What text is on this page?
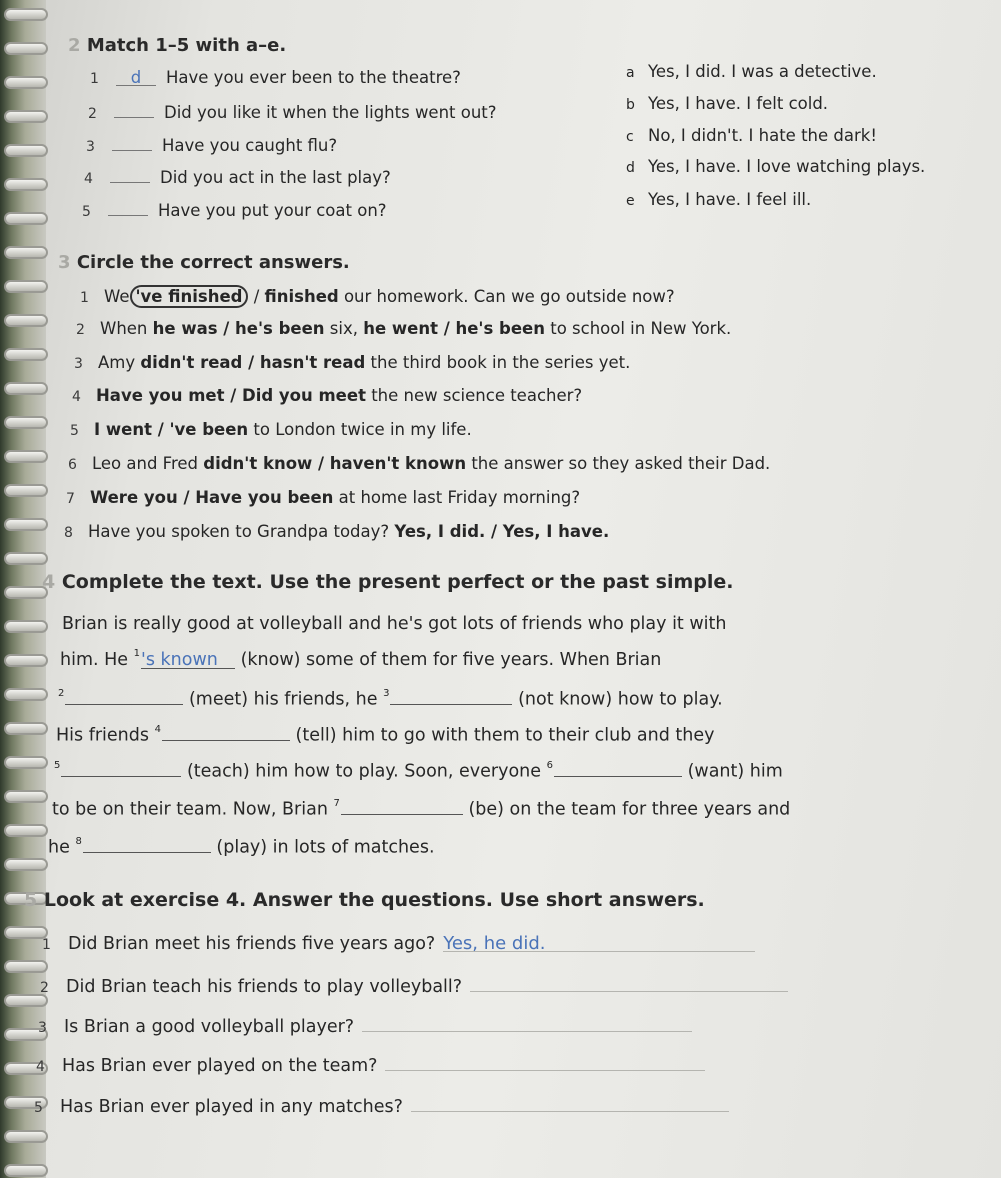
2 Match 1–5 with a–e.
1 d Have you ever been to the theatre?
2	Did you like it when the lights went out?
3	Have you caught flu?
4	Did you act in the last play?
5	Have you put your coat on?
a Yes, I did. I was a detective.
b Yes, I have. I felt cold.
c No, I didn't. I hate the dark!
d Yes, I have. I love watching plays.
e Yes, I have. I feel ill.
3 Circle the correct answers.
1 We 've finished / finished our homework. Can we go outside now?
2 When he was / he's been six, he went / he's been to school in New York.
3 Amy didn't read / hasn't read the third book in the series yet.
4 Have you met / Did you meet the new science teacher?
5 I went / 've been to London twice in my life.
6 Leo and Fred didn't know / haven't known the answer so they asked their Dad.
7 Were you / Have you been at home last Friday morning?
8 Have you spoken to Grandpa today? Yes, I did. / Yes, I have.
4 Complete the text. Use the present perfect or the past simple.
Brian is really good at volleyball and he's got lots of friends who play it with
him. He $^1$'s known (know) some of them for five years. When Brian
$^2$	(meet) his friends, he $^3$	(not know) how to play.
His friends $^4$	(tell) him to go with them to their club and they
$^5$	(teach) him how to play. Soon, everyone $^6$	(want) him
to be on their team. Now, Brian $^7$	(be) on the team for three years and
he $^8$	(play) in lots of matches.
5 Look at exercise 4. Answer the questions. Use short answers.
1 Did Brian meet his friends five years ago? Yes, he did.
2 Did Brian teach his friends to play volleyball?
3 Is Brian a good volleyball player?
4 Has Brian ever played on the team?
5 Has Brian ever played in any matches?
